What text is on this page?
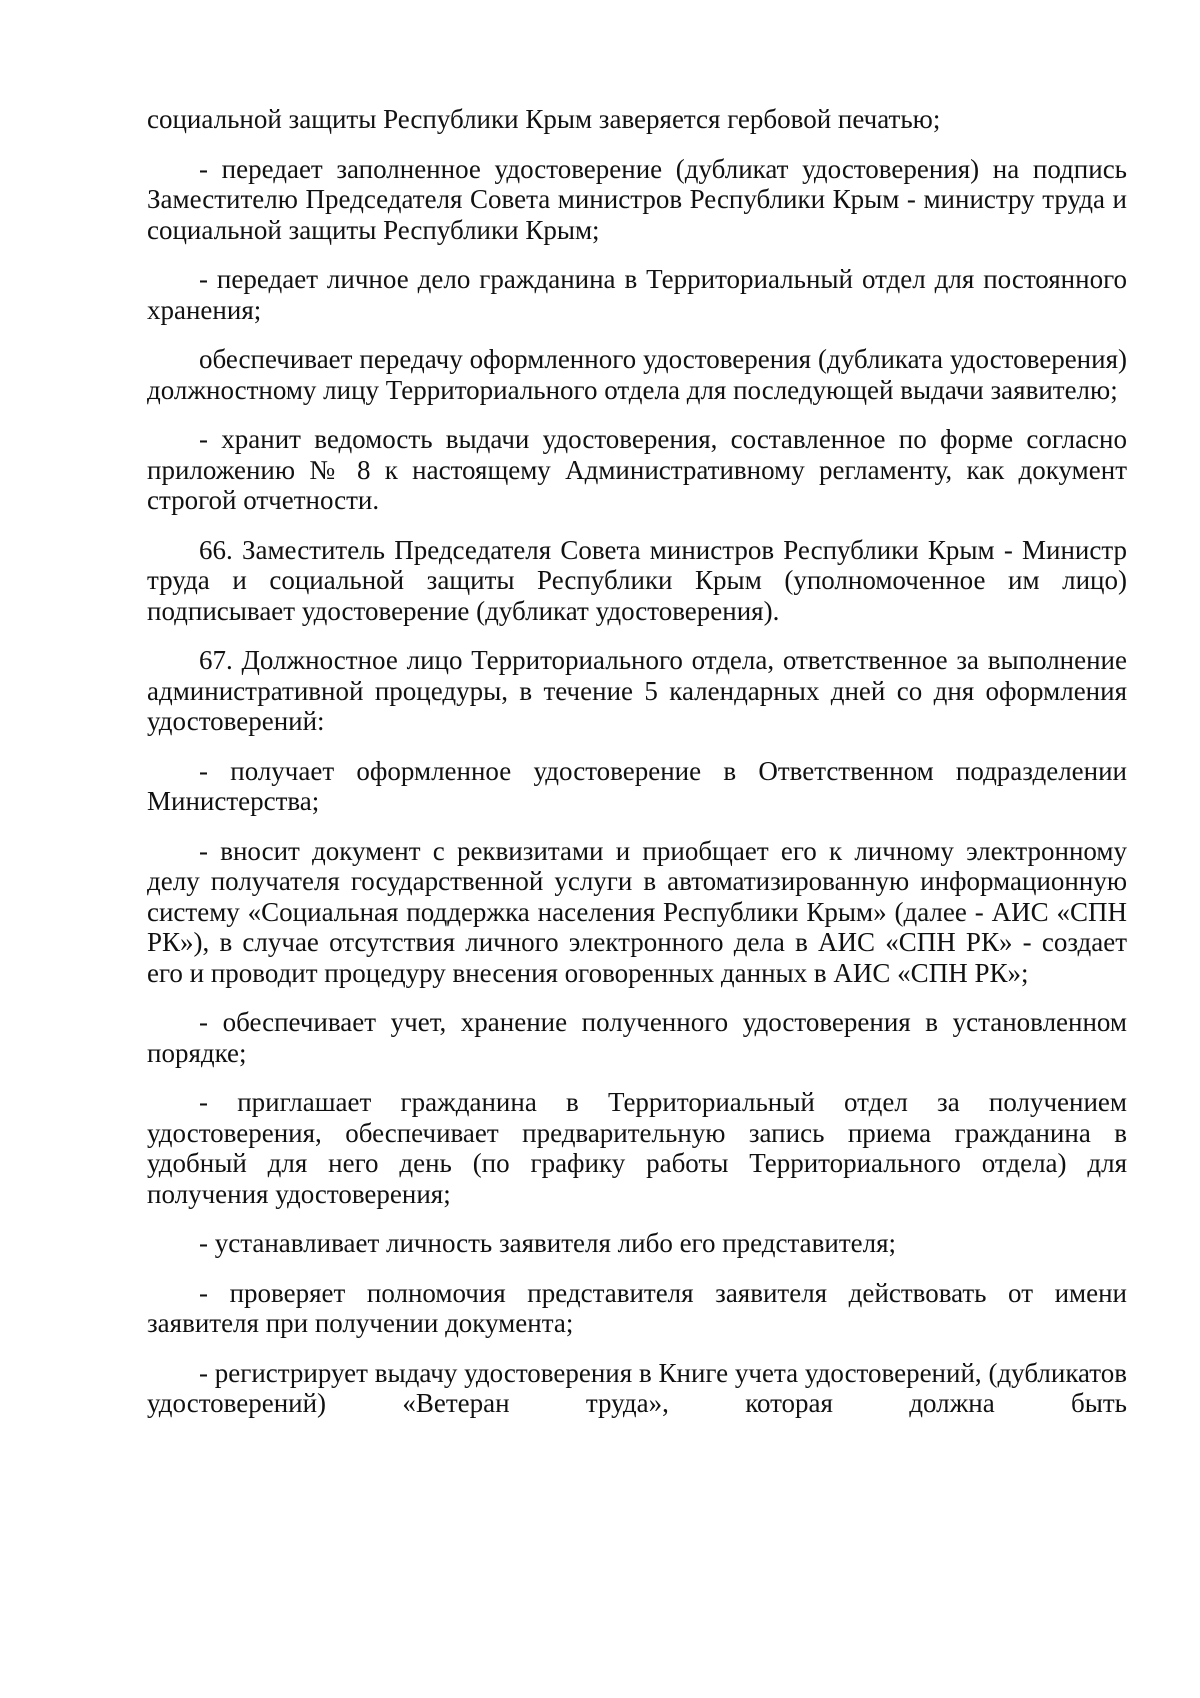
социальной защиты Республики Крым заверяется гербовой печатью;

- передает заполненное удостоверение (дубликат удостоверения) на подпись Заместителю Председателя Совета министров Республики Крым - министру труда и социальной защиты Республики Крым;

- передает личное дело гражданина в Территориальный отдел для постоянного хранения;

обеспечивает передачу оформленного удостоверения (дубликата удостоверения) должностному лицу Территориального отдела для последующей выдачи заявителю;

- хранит ведомость выдачи удостоверения, составленное по форме согласно приложению № 8 к настоящему Административному регламенту, как документ строгой отчетности.

66. Заместитель Председателя Совета министров Республики Крым - Министр труда и социальной защиты Республики Крым (уполномоченное им лицо) подписывает удостоверение (дубликат удостоверения).

67. Должностное лицо Территориального отдела, ответственное за выполнение административной процедуры, в течение 5 календарных дней со дня оформления удостоверений:

- получает оформленное удостоверение в Ответственном подразделении Министерства;

- вносит документ с реквизитами и приобщает его к личному электронному делу получателя государственной услуги в автоматизированную информационную систему «Социальная поддержка населения Республики Крым» (далее - АИС «СПН РК»), в случае отсутствия личного электронного дела в АИС «СПН РК» - создает его и проводит процедуру внесения оговоренных данных в АИС «СПН РК»;

- обеспечивает учет, хранение полученного удостоверения в установленном порядке;

- приглашает гражданина в Территориальный отдел за получением удостоверения, обеспечивает предварительную запись приема гражданина в удобный для него день (по графику работы Территориального отдела) для получения удостоверения;

- устанавливает личность заявителя либо его представителя;

- проверяет полномочия представителя заявителя действовать от имени заявителя при получении документа;

- регистрирует выдачу удостоверения в Книге учета удостоверений, (дубликатов удостоверений) «Ветеран труда», которая должна быть
